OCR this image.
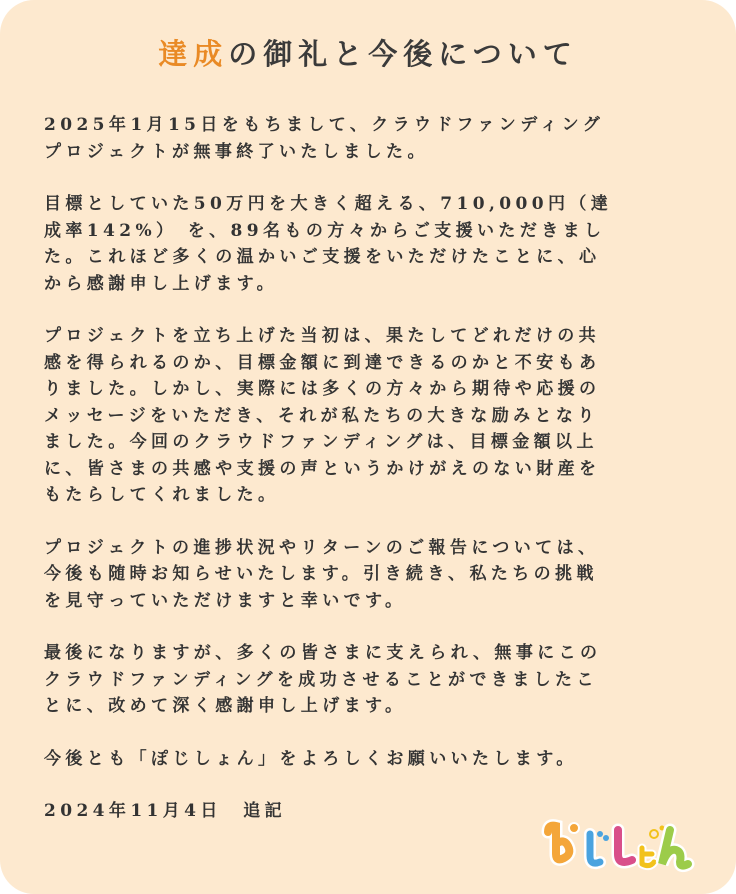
達成の御礼と今後について

2025年1月15日をもちまして、クラウドファンディング
プロジェクトが無事終了いたしました。

目標としていた50万円を大きく超える、710,000円（達
成率142%） を、89名もの方々からご支援いただきまし
た。これほど多くの温かいご支援をいただけたことに、心
から感謝申し上げます。

プロジェクトを立ち上げた当初は、果たしてどれだけの共
感を得られるのか、目標金額に到達できるのかと不安もあ
りました。しかし、実際には多くの方々から期待や応援の
メッセージをいただき、それが私たちの大きな励みとなり
ました。今回のクラウドファンディングは、目標金額以上
に、皆さまの共感や支援の声というかけがえのない財産を
もたらしてくれました。

プロジェクトの進捗状況やリターンのご報告については、
今後も随時お知らせいたします。引き続き、私たちの挑戦
を見守っていただけますと幸いです。

最後になりますが、多くの皆さまに支えられ、無事にこの
クラウドファンディングを成功させることができましたこ
とに、改めて深く感謝申し上げます。

今後とも「ぽじしょん」をよろしくお願いいたします。

2024年11月4日　追記
